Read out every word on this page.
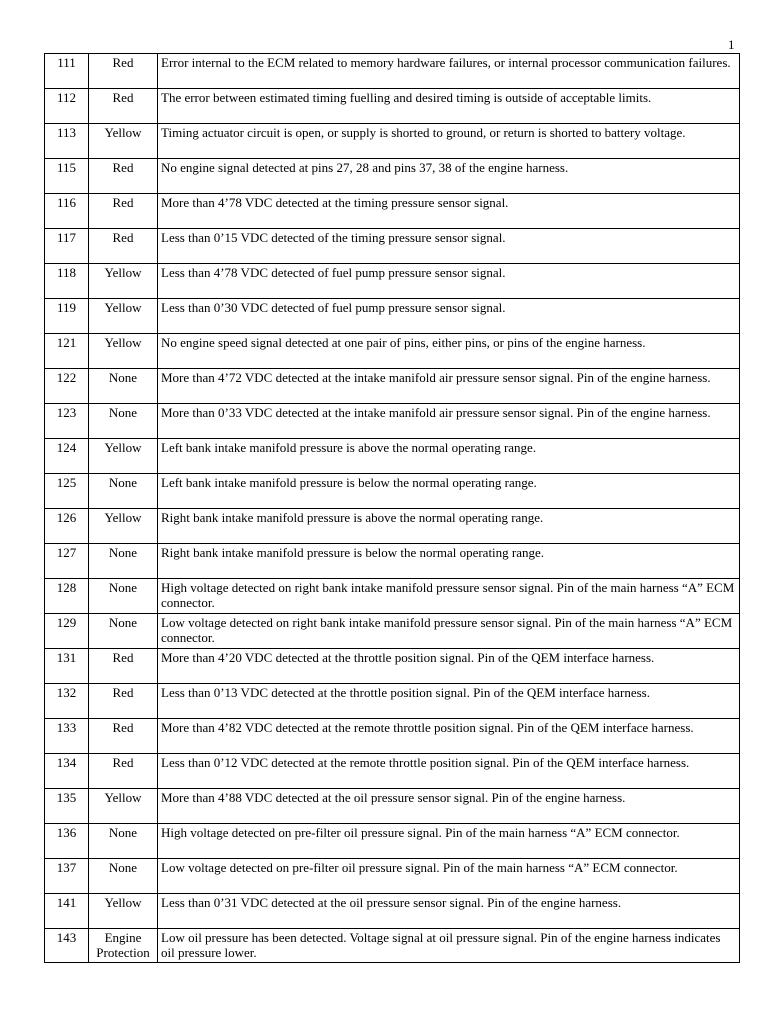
1
111	Red	Error internal to the ECM related to memory hardware failures, or internal processor communication failures.
112	Red	The error between estimated timing fuelling and desired timing is outside of acceptable limits.
113	Yellow	Timing actuator circuit is open, or supply is shorted to ground, or return is shorted to battery voltage.
115	Red	No engine signal detected at pins 27, 28 and pins 37, 38 of the engine harness.
116	Red	More than 4’78 VDC detected at the timing pressure sensor signal.
117	Red	Less than 0’15 VDC detected of the timing pressure sensor signal.
118	Yellow	Less than 4’78 VDC detected of fuel pump pressure sensor signal.
119	Yellow	Less than 0’30 VDC detected of fuel pump pressure sensor signal.
121	Yellow	No engine speed signal detected at one pair of pins, either pins, or pins of the engine harness.
122	None	More than 4’72 VDC detected at the intake manifold air pressure sensor signal. Pin of the engine harness.
123	None	More than 0’33 VDC detected at the intake manifold air pressure sensor signal. Pin of the engine harness.
124	Yellow	Left bank intake manifold pressure is above the normal operating range.
125	None	Left bank intake manifold pressure is below the normal operating range.
126	Yellow	Right bank intake manifold pressure is above the normal operating range.
127	None	Right bank intake manifold pressure is below the normal operating range.
128	None	High voltage detected on right bank intake manifold pressure sensor signal. Pin of the main harness “A” ECM connector.
129	None	Low voltage detected on right bank intake manifold pressure sensor signal. Pin of the main harness “A” ECM connector.
131	Red	More than 4’20 VDC detected at the throttle position signal. Pin of the QEM interface harness.
132	Red	Less than 0’13 VDC detected at the throttle position signal. Pin of the QEM interface harness.
133	Red	More than 4’82 VDC detected at the remote throttle position signal. Pin of the QEM interface harness.
134	Red	Less than 0’12 VDC detected at the remote throttle position signal. Pin of the QEM interface harness.
135	Yellow	More than 4’88 VDC detected at the oil pressure sensor signal. Pin of the engine harness.
136	None	High voltage detected on pre-filter oil pressure signal. Pin of the main harness “A” ECM connector.
137	None	Low voltage detected on pre-filter oil pressure signal. Pin of the main harness “A” ECM connector.
141	Yellow	Less than 0’31 VDC detected at the oil pressure sensor signal. Pin of the engine harness.
143	Engine Protection	Low oil pressure has been detected. Voltage signal at oil pressure signal. Pin of the engine harness indicates oil pressure lower.
